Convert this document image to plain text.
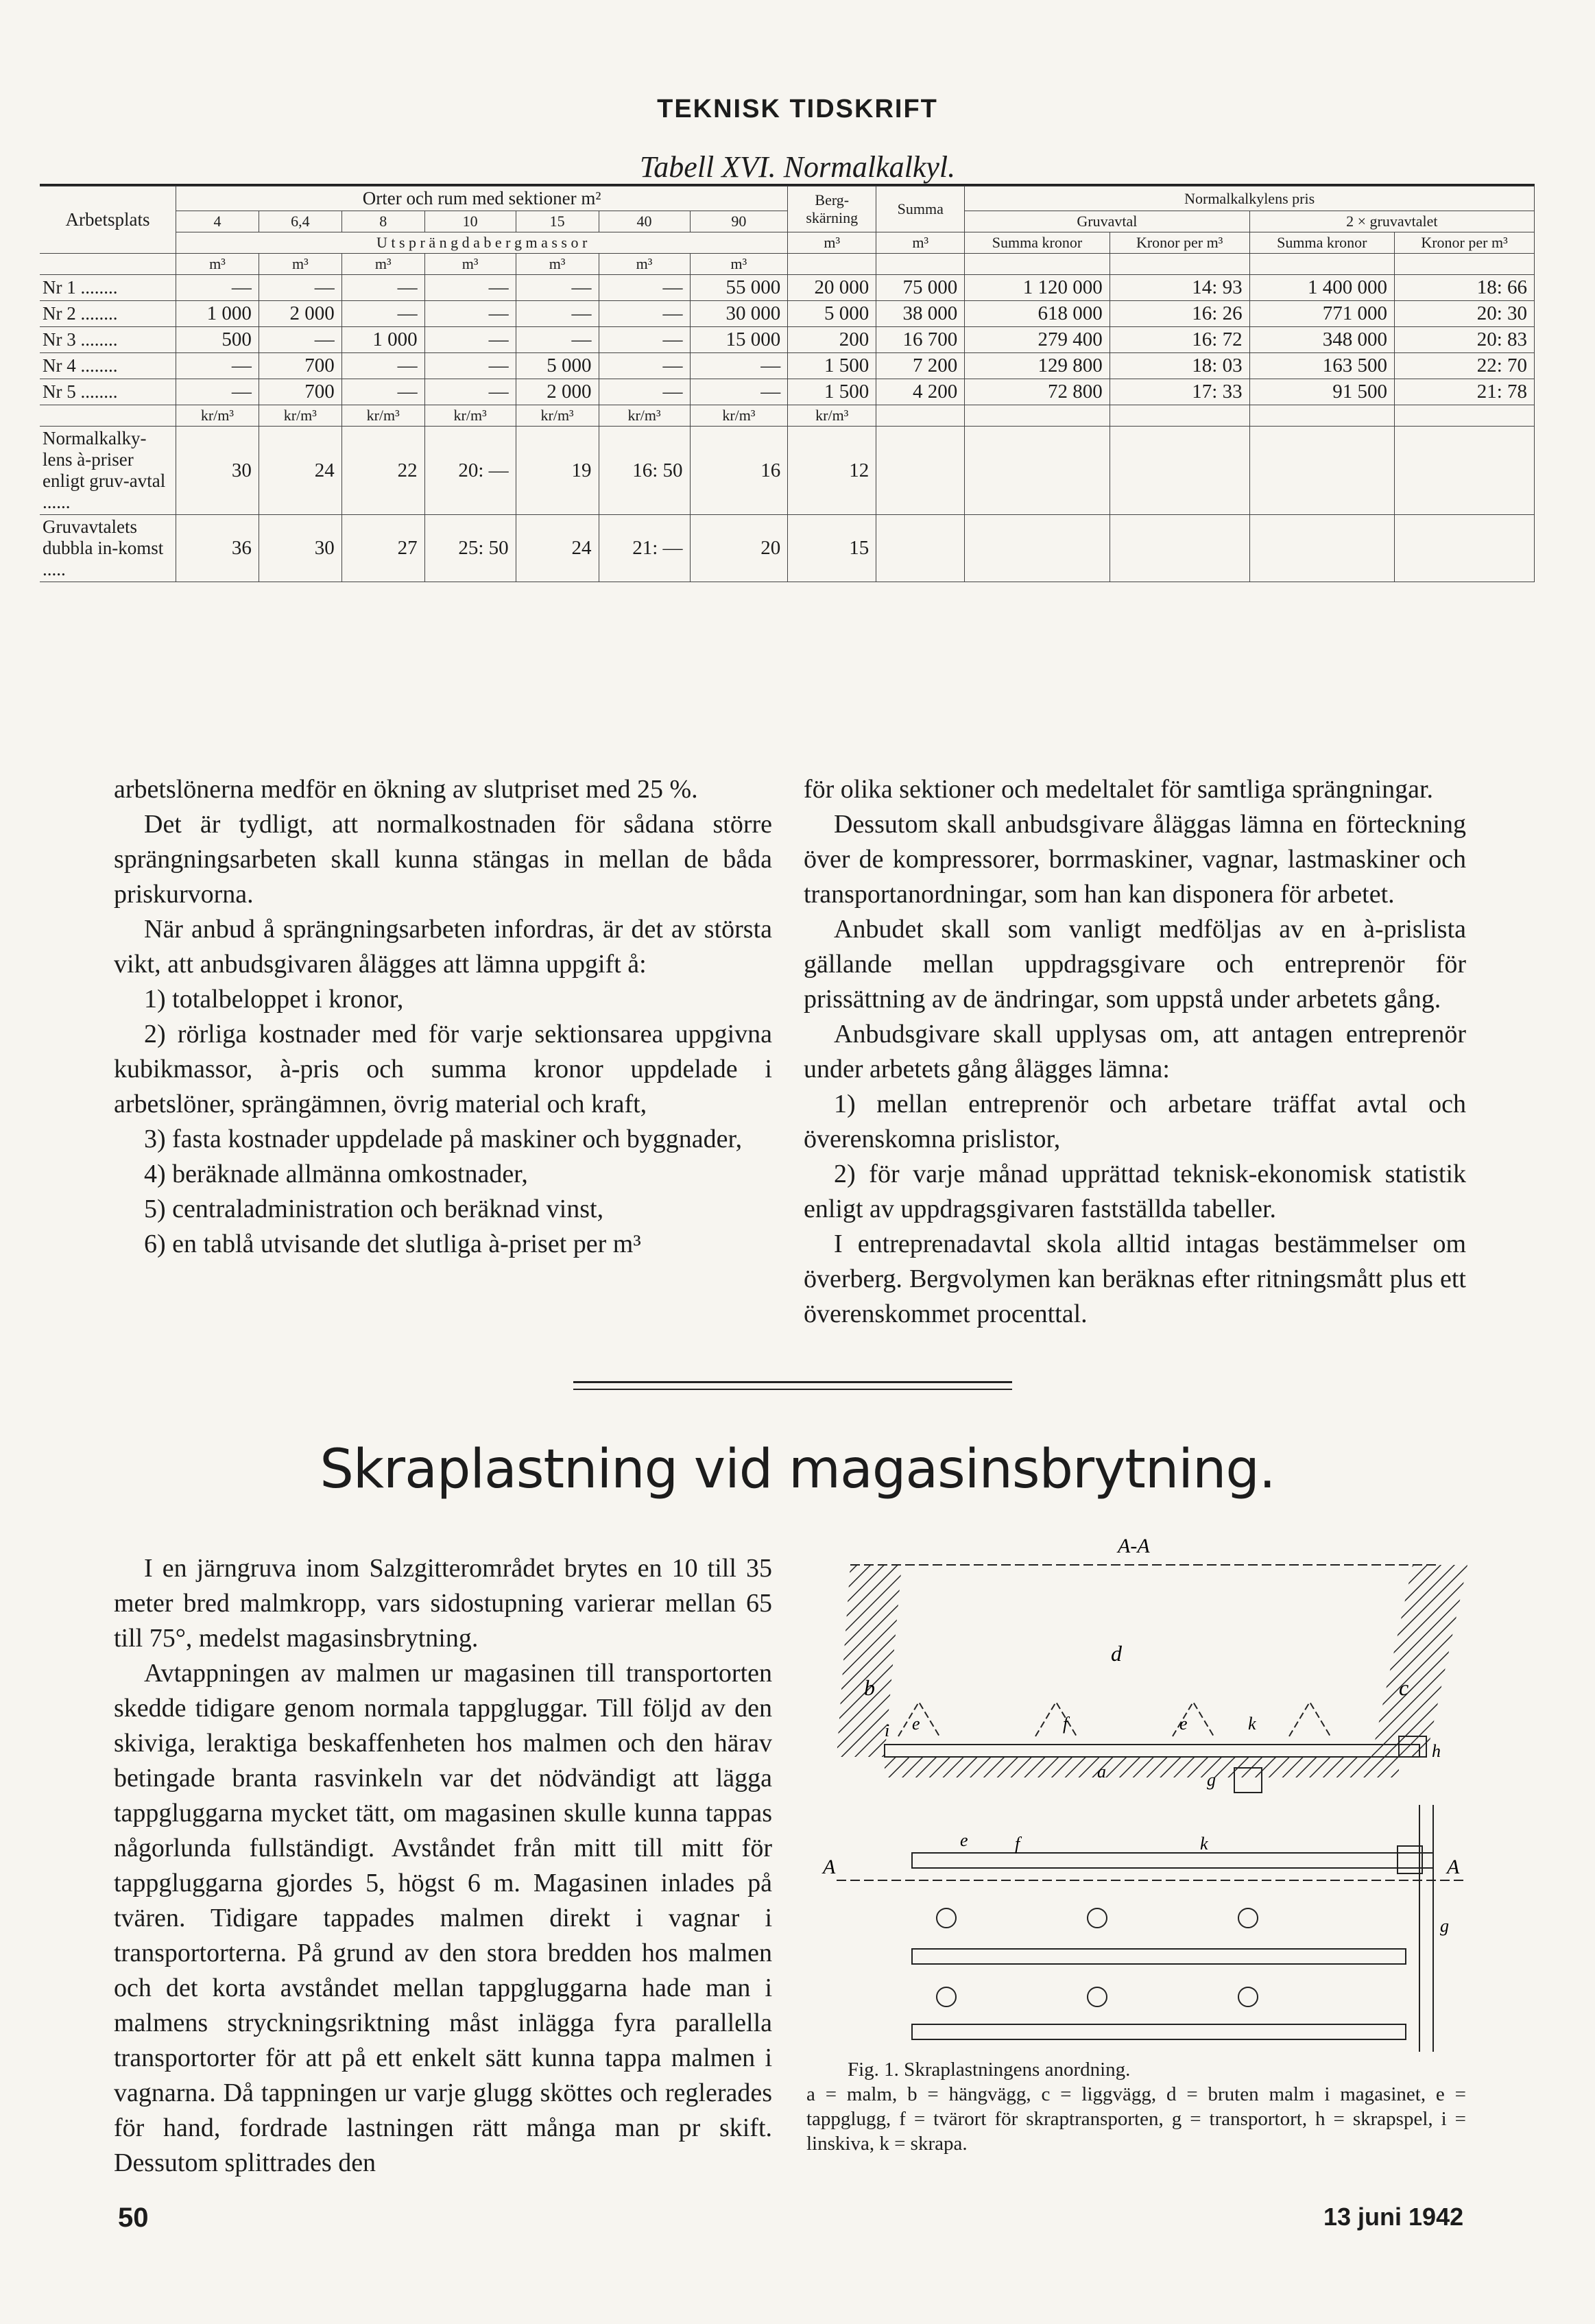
TEKNISK TIDSKRIFT
Tabell XVI. Normalkalkyl.
Arbetsplats	Orter och rum med sektioner m²							Berg-skärning	Summa	Normalkalkylens pris			
	4	6,4	8	10	15	40	90			Gruvavtal		2 × gruvavtalet	
	U t s p r ä n g d a b e r g m a s s o r							m³	m³	Summa kronor	Kronor per m³	Summa kronor	Kronor per m³
	m³	m³	m³	m³	m³	m³	m³						
Nr 1 ........	—	—	—	—	—	—	55 000	20 000	75 000	1 120 000	14: 93	1 400 000	18: 66
Nr 2 ........	1 000	2 000	—	—	—	—	30 000	5 000	38 000	618 000	16: 26	771 000	20: 30
Nr 3 ........	500	—	1 000	—	—	—	15 000	200	16 700	279 400	16: 72	348 000	20: 83
Nr 4 ........	—	700	—	—	5 000	—	—	1 500	7 200	129 800	18: 03	163 500	22: 70
Nr 5 ........	—	700	—	—	2 000	—	—	1 500	4 200	72 800	17: 33	91 500	21: 78
	kr/m³	kr/m³	kr/m³	kr/m³	kr/m³	kr/m³	kr/m³	kr/m³					
Normalkalky-lens à-priser enligt gruv-avtal ......	30	24	22	20: —	19	16: 50	16	12					
Gruvavtalets dubbla in-komst .....	36	30	27	25: 50	24	21: —	20	15					

arbetslönerna medför en ökning av slutpriset med 25 %.

Det är tydligt, att normalkostnaden för sådana större sprängningsarbeten skall kunna stängas in mellan de båda priskurvorna.

När anbud å sprängningsarbeten infordras, är det av största vikt, att anbudsgivaren ålägges att lämna uppgift å:

1) totalbeloppet i kronor,

2) rörliga kostnader med för varje sektionsarea uppgivna kubikmassor, à-pris och summa kronor uppdelade i arbetslöner, sprängämnen, övrig material och kraft,

3) fasta kostnader uppdelade på maskiner och byggnader,

4) beräknade allmänna omkostnader,

5) centraladministration och beräknad vinst,

6) en tablå utvisande det slutliga à-priset per m³

för olika sektioner och medeltalet för samtliga sprängningar.

Dessutom skall anbudsgivare åläggas lämna en förteckning över de kompressorer, borrmaskiner, vagnar, lastmaskiner och transportanordningar, som han kan disponera för arbetet.

Anbudet skall som vanligt medföljas av en à-prislista gällande mellan uppdragsgivare och entreprenör för prissättning av de ändringar, som uppstå under arbetets gång.

Anbudsgivare skall upplysas om, att antagen entreprenör under arbetets gång ålägges lämna:

1) mellan entreprenör och arbetare träffat avtal och överenskomna prislistor,

2) för varje månad upprättad teknisk-ekonomisk statistik enligt av uppdragsgivaren fastställda tabeller.

I entreprenadavtal skola alltid intagas bestämmelser om överberg. Bergvolymen kan beräknas efter ritningsmått plus ett överenskommet procenttal.

Skraplastning vid magasinsbrytning.

I en järngruva inom Salzgitterområdet brytes en 10 till 35 meter bred malmkropp, vars sidostupning varierar mellan 65 till 75°, medelst magasinsbrytning.

Avtappningen av malmen ur magasinen till transportorten skedde tidigare genom normala tappgluggar. Till följd av den skiviga, leraktiga beskaffenheten hos malmen och den härav betingade branta rasvinkeln var det nödvändigt att lägga tappgluggarna mycket tätt, om magasinen skulle kunna tappas någorlunda fullständigt. Avståndet från mitt till mitt för tappgluggarna gjordes 5, högst 6 m. Magasinen inlades på tvären. Tidigare tappades malmen direkt i vagnar i transportorterna. På grund av den stora bredden hos malmen och det korta avståndet mellan tappgluggarna hade man i malmens stryckningsriktning måst inlägga fyra parallella transportorter för att på ett enkelt sätt kunna tappa malmen i vagnarna. Då tappningen ur varje glugg sköttes och reglerades för hand, fordrade lastningen rätt många man pr skift. Dessutom splittrades den

A-A
d
b	c
e	f	e	k
i
h
a	g
A	A
e	f	k
g
Fig. 1. Skraplastningens anordning.
a = malm, b = hängvägg, c = liggvägg, d = bruten malm i magasinet, e = tappglugg, f = tvärort för skraptransporten, g = transportort, h = skrapspel, i = linskiva, k = skrapa.
50	13 juni 1942
